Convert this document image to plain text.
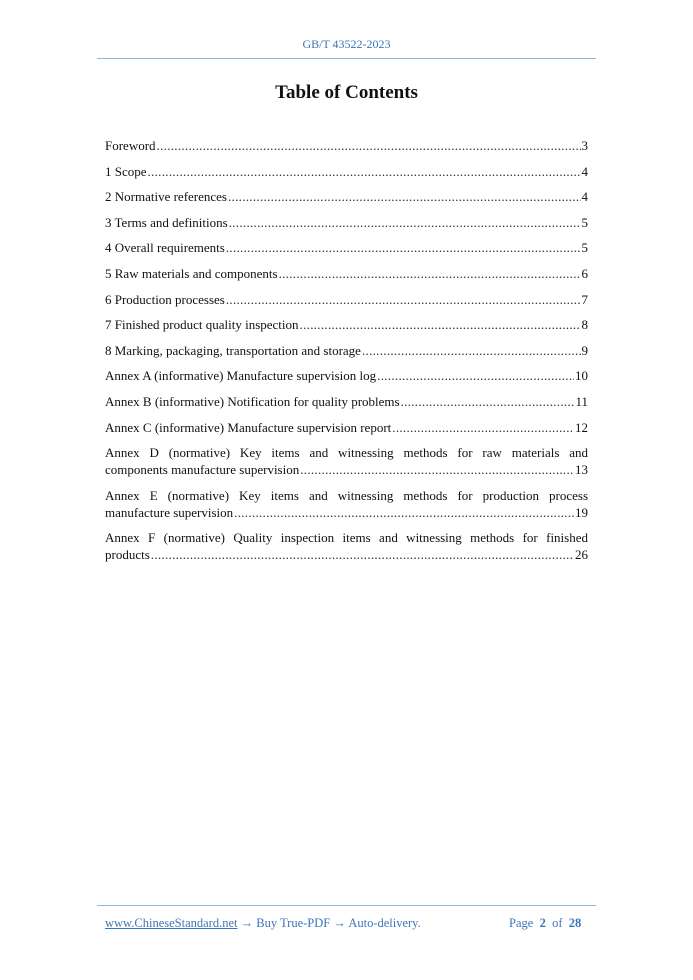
GB/T 43522-2023
Table of Contents
Foreword .....	3
1 Scope .....	4
2 Normative references .....	4
3 Terms and definitions .....	5
4 Overall requirements .....	5
5 Raw materials and components .....	6
6 Production processes .....	7
7 Finished product quality inspection .....	8
8 Marking, packaging, transportation and storage .....	9
Annex A (informative) Manufacture supervision log .....	10
Annex B (informative) Notification for quality problems .....	11
Annex C (informative) Manufacture supervision report .....	12
Annex D (normative) Key items and witnessing methods for raw materials and
components manufacture supervision .....	13
Annex E (normative) Key items and witnessing methods for production process
manufacture supervision .....	19
Annex F (normative) Quality inspection items and witnessing methods for finished
products .....	26
www.ChineseStandard.net → Buy True-PDF → Auto-delivery.	Page 2 of 28
